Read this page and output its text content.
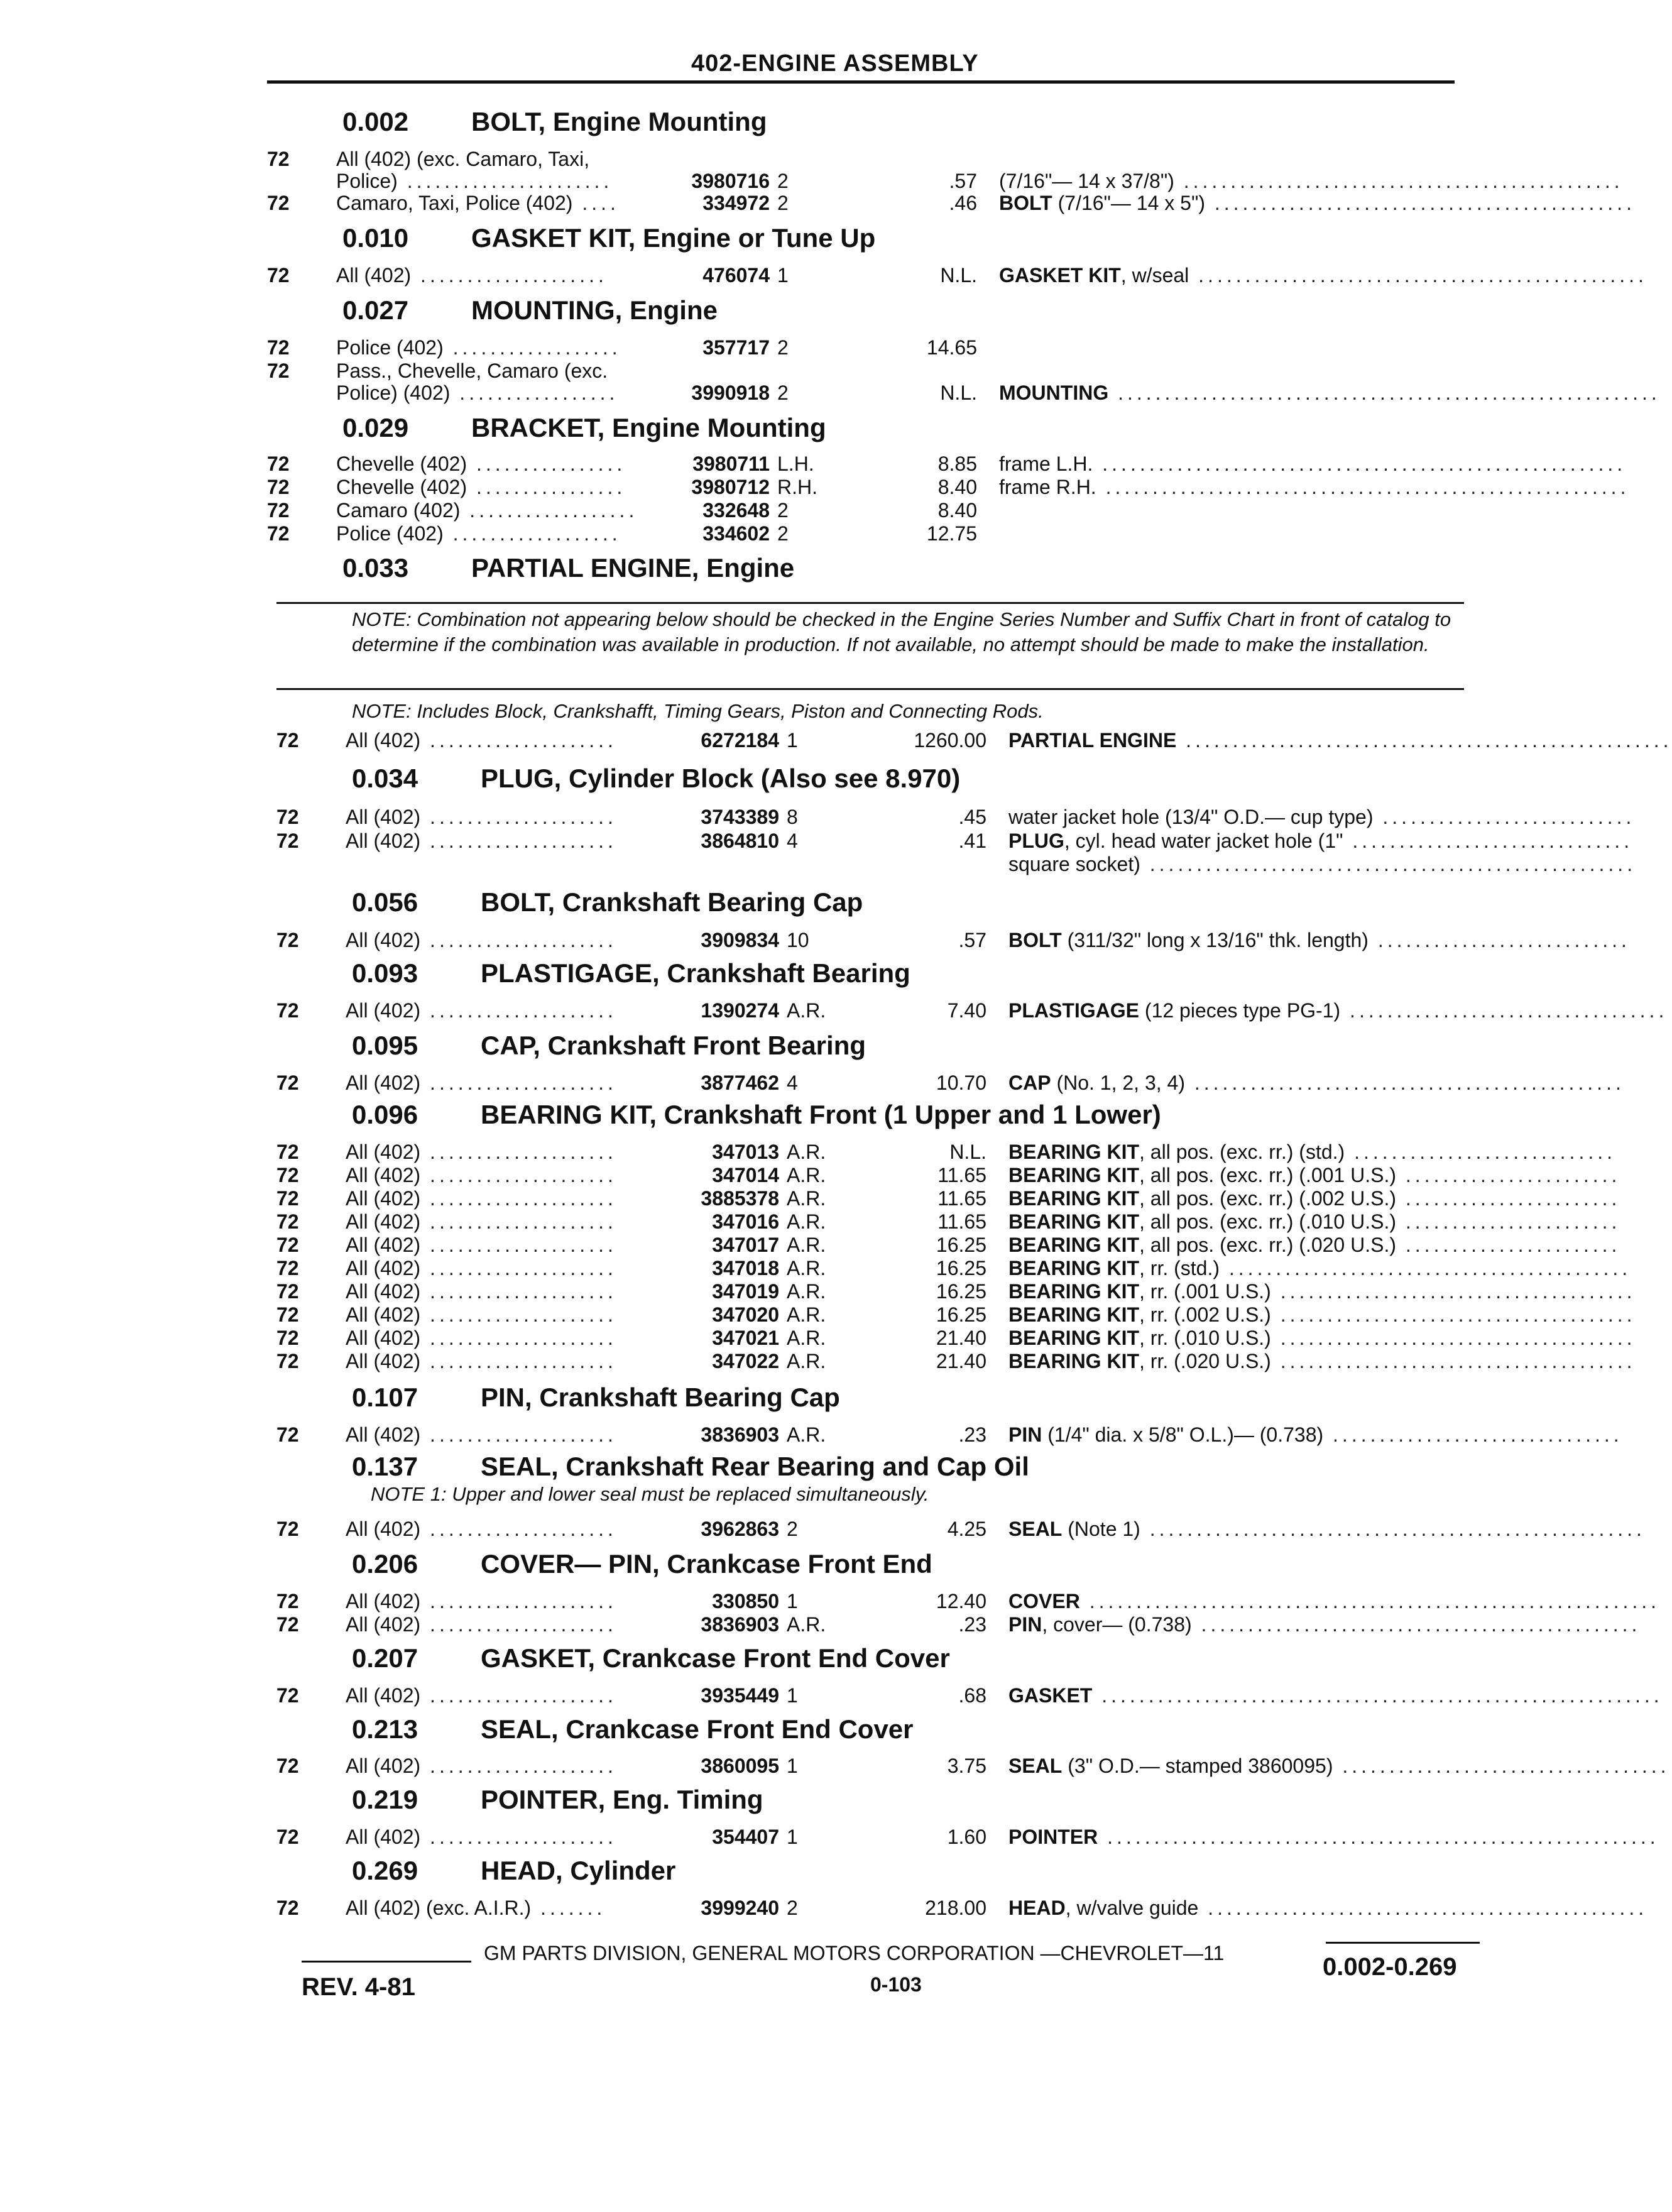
402-ENGINE ASSEMBLY
0.002 BOLT, Engine Mounting
72	All (402) (exc. Camaro, Taxi,
Police) ......................	3980716 2	.57 (7/16"— 14 x 37/8") ...............................................
72	Camaro, Taxi, Police (402) ....	334972 2	.46 BOLT (7/16"— 14 x 5") .............................................
0.010 GASKET KIT, Engine or Tune Up
72	All (402) ....................	476074 1	N.L. GASKET KIT, w/seal ................................................
0.027 MOUNTING, Engine
72	Police (402) ..................	357717 2	14.65
72	Pass., Chevelle, Camaro (exc.
Police) (402) .................	3990918 2	N.L. MOUNTING ..........................................................
0.029 BRACKET, Engine Mounting
72	Chevelle (402) ................	3980711 L.H.	8.85 frame L.H. ........................................................
72	Chevelle (402) ................	3980712 R.H.	8.40 frame R.H. ........................................................
72	Camaro (402) ..................	332648 2	8.40
72	Police (402) ..................	334602 2	12.75
0.033 PARTIAL ENGINE, Engine
NOTE: Combination not appearing below should be checked in the Engine Series Number and Suffix Chart in front of catalog to determine if the combination was available in production. If not available, no attempt should be made to make the installation.
NOTE: Includes Block, Crankshafft, Timing Gears, Piston and Connecting Rods.
72	All (402) ....................	6272184 1	1260.00 PARTIAL ENGINE ....................................................
0.034 PLUG, Cylinder Block (Also see 8.970)
72	All (402) ....................	3743389 8	.45 water jacket hole (13/4" O.D.— cup type) ...........................
72	All (402) ....................	3864810 4	.41 PLUG, cyl. head water jacket hole (1" ..............................
square socket) ....................................................
0.056 BOLT, Crankshaft Bearing Cap
72	All (402) ....................	3909834 10	.57 BOLT (311/32" long x 13/16" thk. length) ...........................
0.093 PLASTIGAGE, Crankshaft Bearing
72	All (402) ....................	1390274 A.R.	7.40 PLASTIGAGE (12 pieces type PG-1) ..................................
0.095 CAP, Crankshaft Front Bearing
72	All (402) ....................	3877462 4	10.70 CAP (No. 1, 2, 3, 4) ..............................................
0.096 BEARING KIT, Crankshaft Front (1 Upper and 1 Lower)
72	All (402) ....................	347013 A.R.	N.L. BEARING KIT, all pos. (exc. rr.) (std.) ............................
72	All (402) ....................	347014 A.R.	11.65 BEARING KIT, all pos. (exc. rr.) (.001 U.S.) .......................
72	All (402) ....................	3885378 A.R.	11.65 BEARING KIT, all pos. (exc. rr.) (.002 U.S.) .......................
72	All (402) ....................	347016 A.R.	11.65 BEARING KIT, all pos. (exc. rr.) (.010 U.S.) .......................
72	All (402) ....................	347017 A.R.	16.25 BEARING KIT, all pos. (exc. rr.) (.020 U.S.) .......................
72	All (402) ....................	347018 A.R.	16.25 BEARING KIT, rr. (std.) ...........................................
72	All (402) ....................	347019 A.R.	16.25 BEARING KIT, rr. (.001 U.S.) ......................................
72	All (402) ....................	347020 A.R.	16.25 BEARING KIT, rr. (.002 U.S.) ......................................
72	All (402) ....................	347021 A.R.	21.40 BEARING KIT, rr. (.010 U.S.) ......................................
72	All (402) ....................	347022 A.R.	21.40 BEARING KIT, rr. (.020 U.S.) ......................................
0.107 PIN, Crankshaft Bearing Cap
72	All (402) ....................	3836903 A.R.	.23 PIN (1/4" dia. x 5/8" O.L.)— (0.738) ...............................
0.137 SEAL, Crankshaft Rear Bearing and Cap Oil
72	All (402) ....................	3962863 2	4.25 SEAL (Note 1) .....................................................
0.206 COVER— PIN, Crankcase Front End
72	All (402) ....................	330850 1	12.40 COVER .............................................................
72	All (402) ....................	3836903 A.R.	.23 PIN, cover— (0.738) ...............................................
0.207 GASKET, Crankcase Front End Cover
72	All (402) ....................	3935449 1	.68 GASKET ............................................................
0.213 SEAL, Crankcase Front End Cover
72	All (402) ....................	3860095 1	3.75 SEAL (3" O.D.— stamped 3860095) ...................................
0.219 POINTER, Eng. Timing
72	All (402) ....................	354407 1	1.60 POINTER ...........................................................
0.269 HEAD, Cylinder
72	All (402) (exc. A.I.R.) .......	3999240 2	218.00 HEAD, w/valve guide ...............................................
NOTE 1: Upper and lower seal must be replaced simultaneously.
GM PARTS DIVISION, GENERAL MOTORS CORPORATION —CHEVROLET—11
REV. 4-81	0-103
0.002-0.269
